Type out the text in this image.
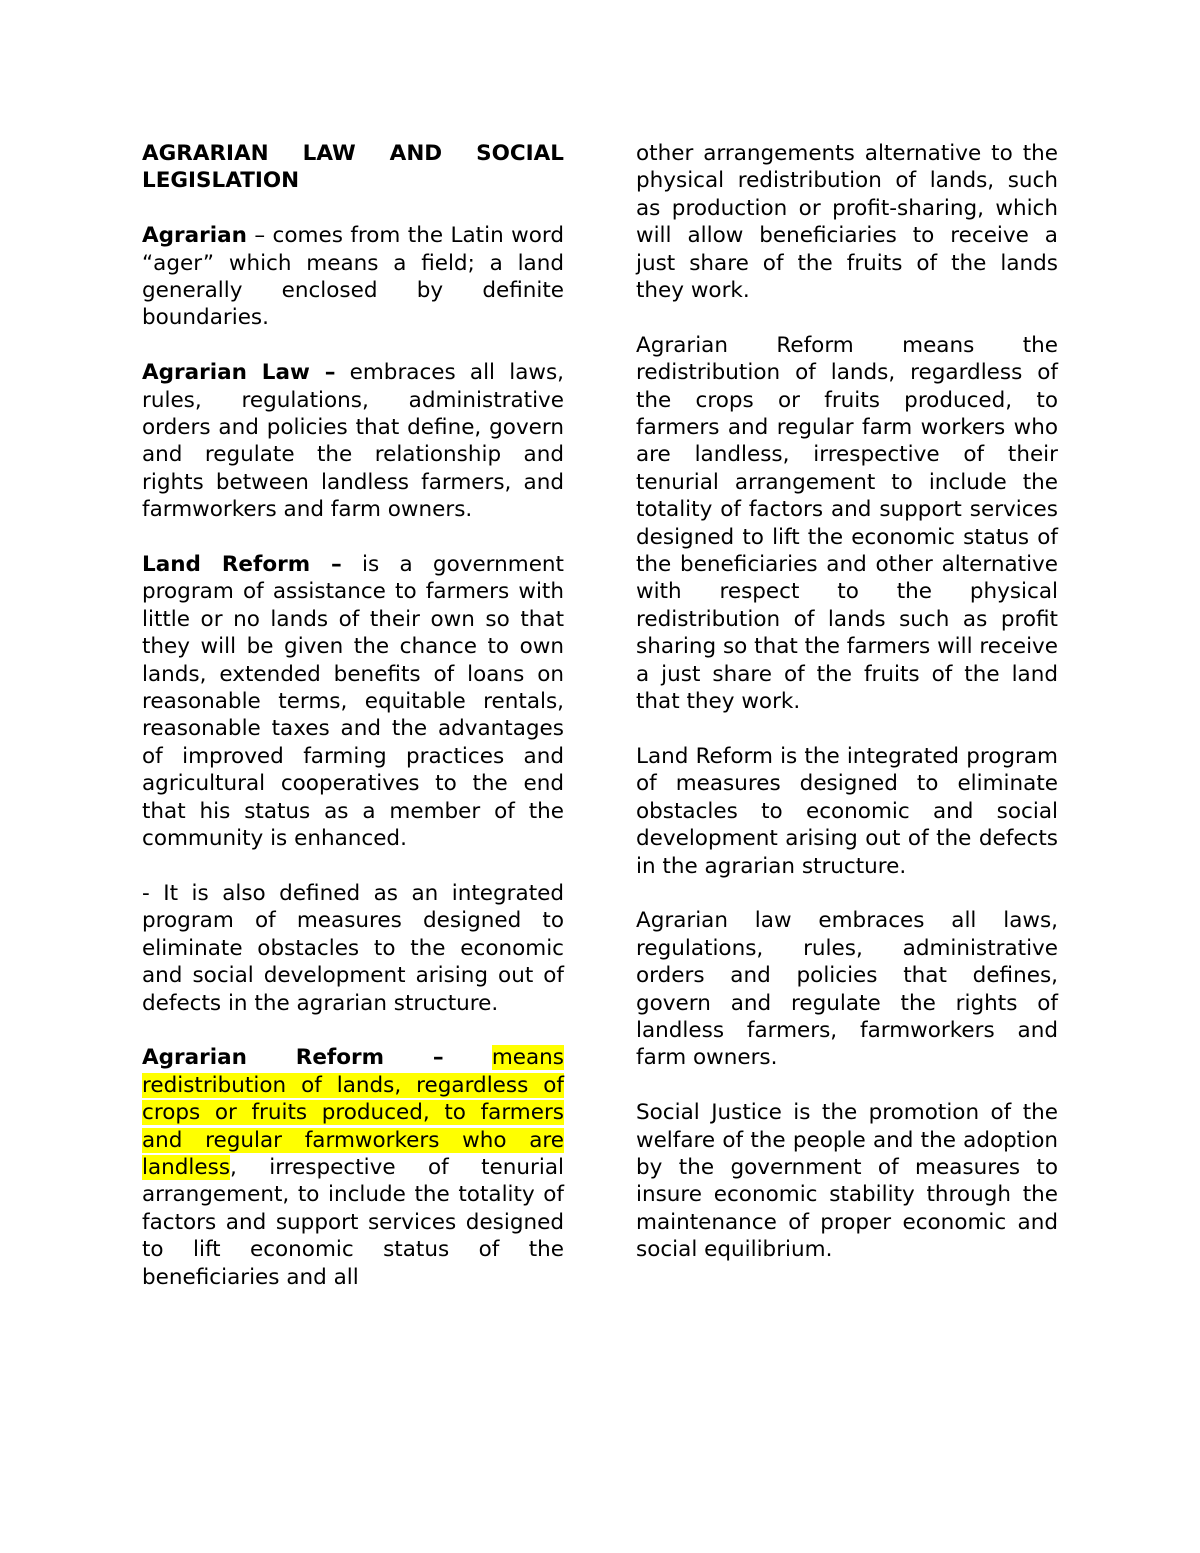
AGRARIAN LAW AND SOCIAL LEGISLATION

Agrarian – comes from the Latin word “ager” which means a field; a land generally enclosed by definite boundaries.

Agrarian Law – embraces all laws, rules, regulations, administrative orders and policies that define, govern and regulate the relationship and rights between landless farmers, and farmworkers and farm owners.

Land Reform – is a government program of assistance to farmers with little or no lands of their own so that they will be given the chance to own lands, extended benefits of loans on reasonable terms, equitable rentals, reasonable taxes and the advantages of improved farming practices and agricultural cooperatives to the end that his status as a member of the community is enhanced.

- It is also defined as an integrated program of measures designed to eliminate obstacles to the economic and social development arising out of defects in the agrarian structure.

Agrarian Reform – means redistribution of lands, regardless of crops or fruits produced, to farmers and regular farmworkers who are landless, irrespective of tenurial arrangement, to include the totality of factors and support services designed to lift economic status of the beneficiaries and all

other arrangements alternative to the physical redistribution of lands, such as production or profit-sharing, which will allow beneficiaries to receive a just share of the fruits of the lands they work.

Agrarian Reform means the redistribution of lands, regardless of the crops or fruits produced, to farmers and regular farm workers who are landless, irrespective of their tenurial arrangement to include the totality of factors and support services designed to lift the economic status of the beneficiaries and other alternative with respect to the physical redistribution of lands such as profit sharing so that the farmers will receive a just share of the fruits of the land that they work.

Land Reform is the integrated program of measures designed to eliminate obstacles to economic and social development arising out of the defects in the agrarian structure.

Agrarian law embraces all laws, regulations, rules, administrative orders and policies that defines, govern and regulate the rights of landless farmers, farmworkers and farm owners.

Social Justice is the promotion of the welfare of the people and the adoption by the government of measures to insure economic stability through the maintenance of proper economic and social equilibrium.
